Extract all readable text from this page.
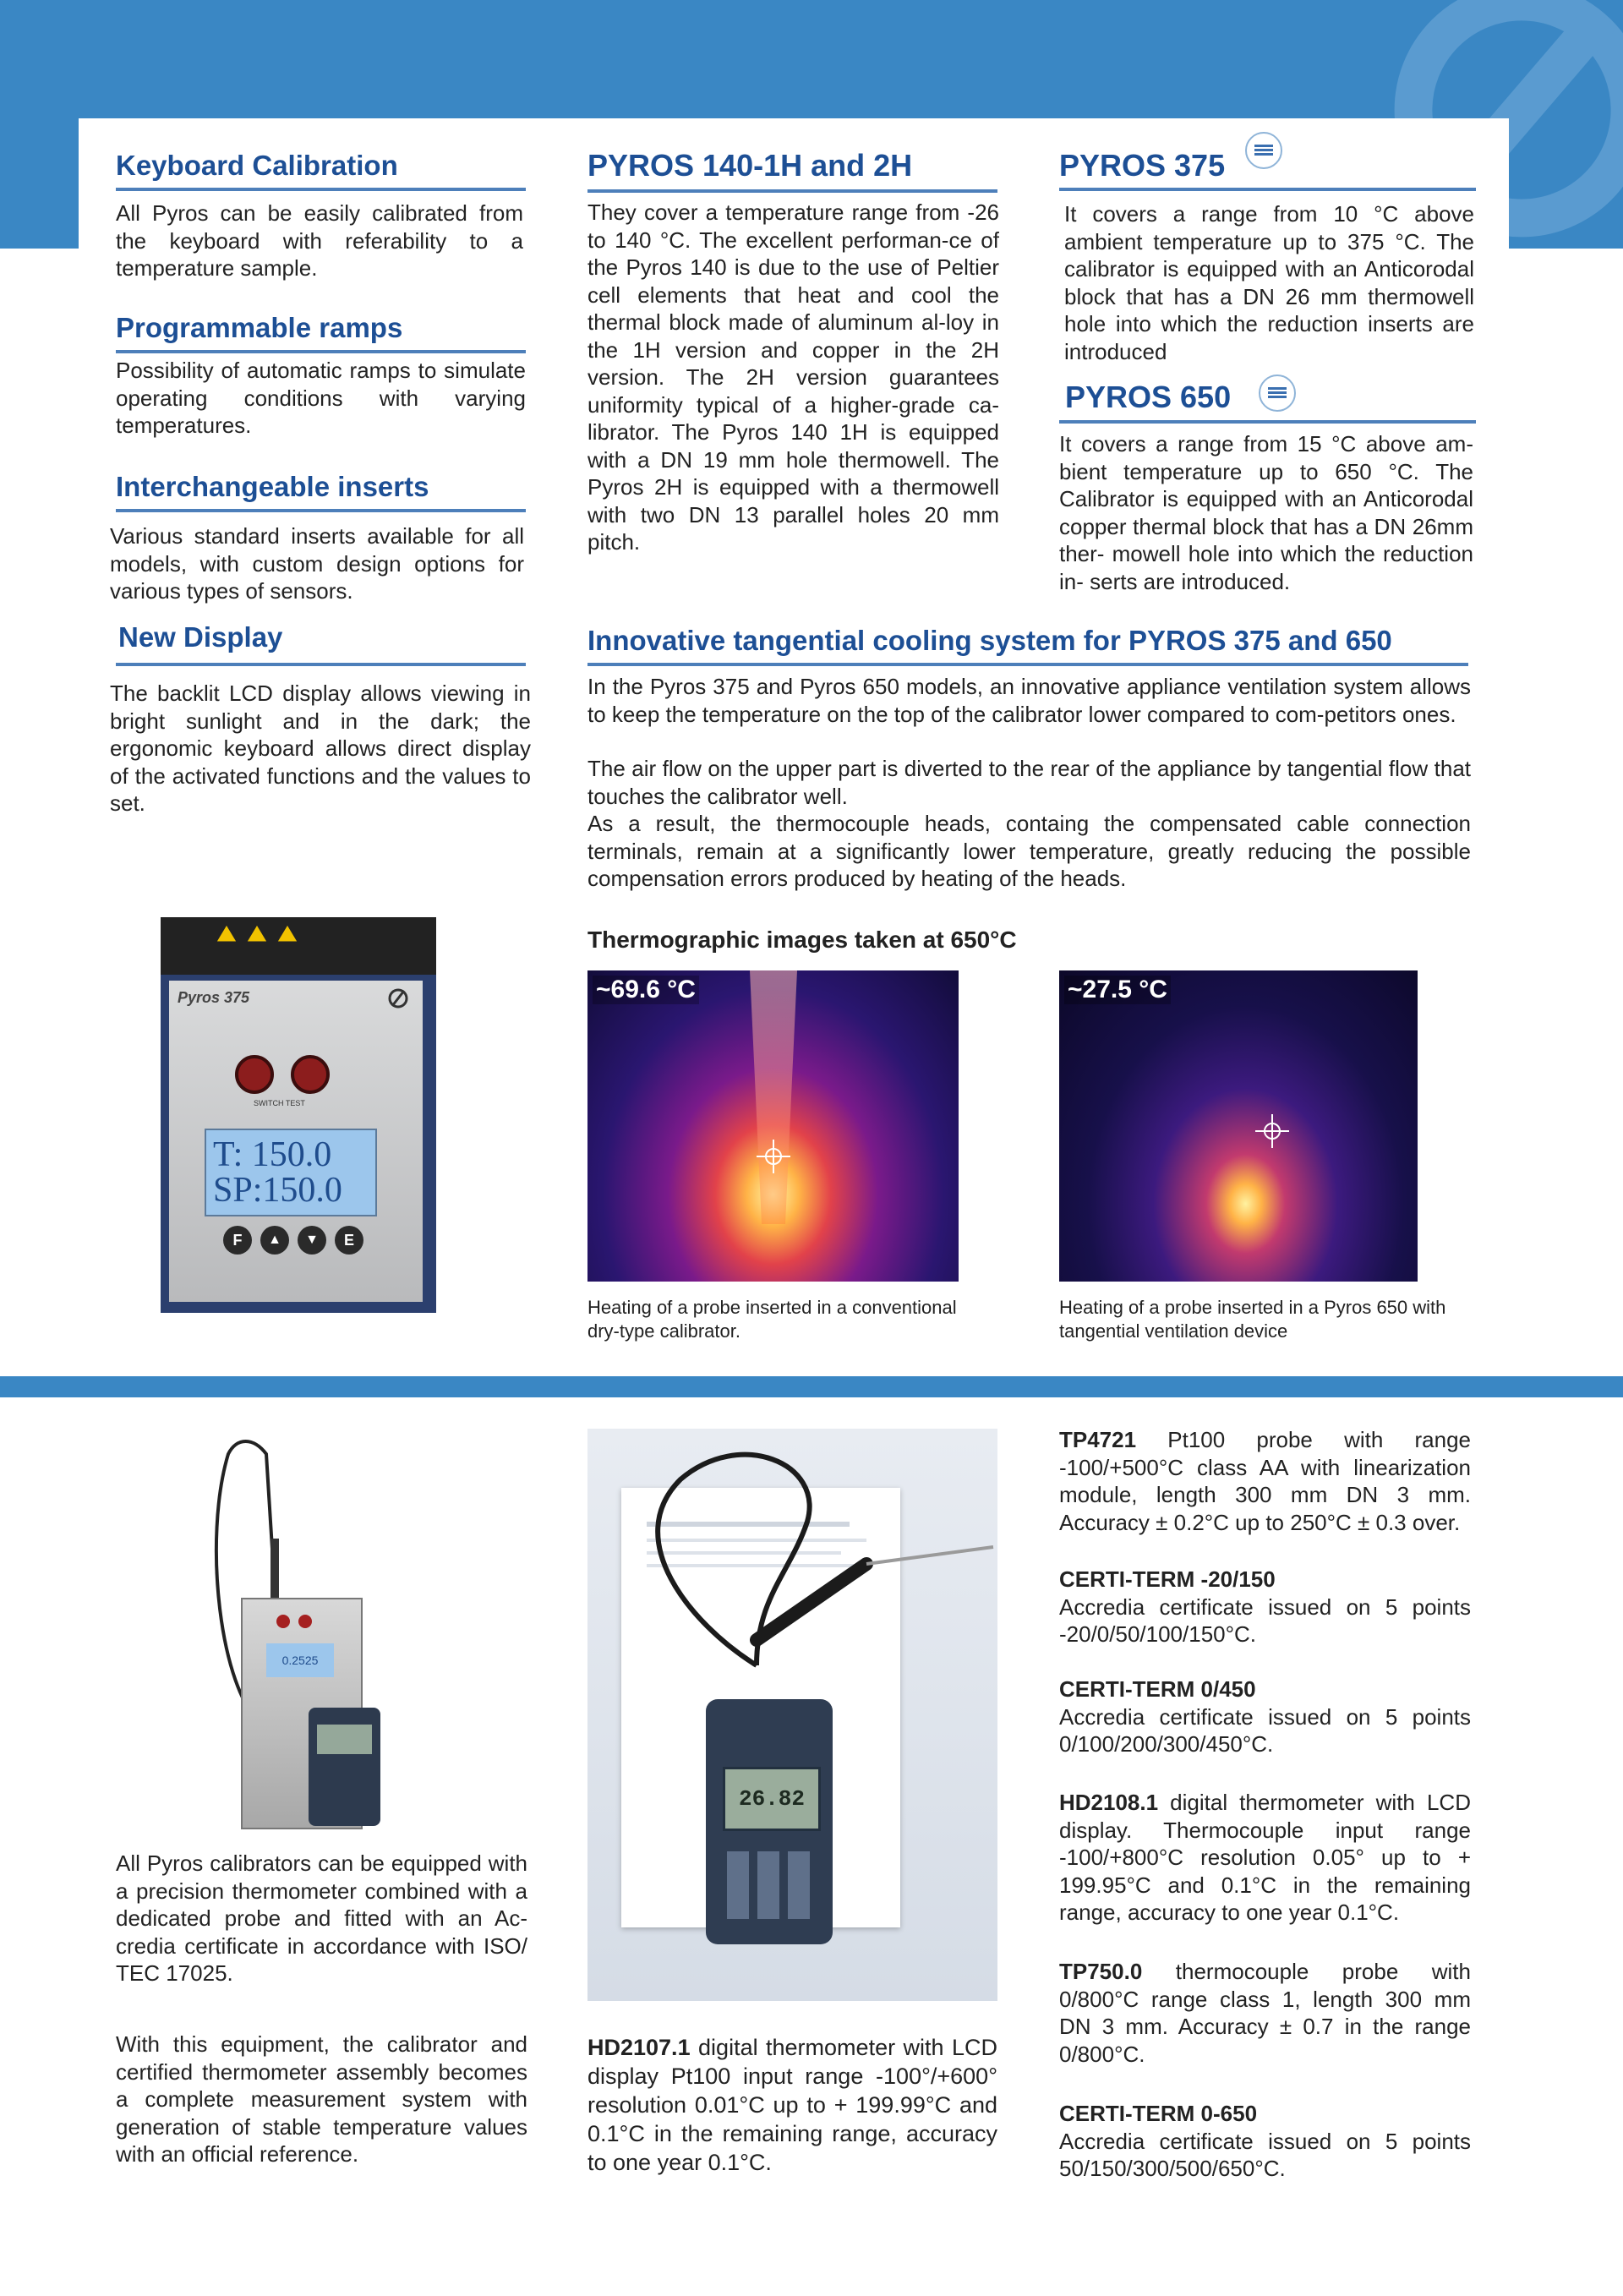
Keyboard Calibration
All Pyros can be easily calibrated from the keyboard with referability to a temperature sample.
Programmable ramps
Possibility of automatic ramps to simulate operating conditions with varying temperatures.
Interchangeable inserts
Various standard inserts available for all models, with custom design options for various types of sensors.
New Display
The backlit LCD display allows viewing in bright sunlight and in the dark; the ergonomic keyboard allows direct display of the activated functions and the values to set.
PYROS 140-1H and 2H
They cover a temperature range from -26 to 140 °C. The excellent performan-ce of the Pyros 140 is due to the use of Peltier cell elements that heat and cool the thermal block made of aluminum al-loy in the 1H version and copper in the 2H version. The 2H version guarantees uniformity typical of a higher-grade ca-librator. The Pyros 140 1H is equipped with a DN 19 mm hole thermowell. The Pyros 2H is equipped with a thermowell with two DN 13 parallel holes 20 mm pitch.
PYROS 375
It covers a range from 10 °C above ambient temperature up to 375 °C. The calibrator is equipped with an Anticorodal block that has a DN 26 mm thermowell hole into which the reduction inserts are introduced
PYROS 650
It covers a range from 15 °C above am-bient temperature up to 650 °C. The Calibrator is equipped with an Anticorodal copper thermal block that has a DN 26mm ther- mowell hole into which the reduction in- serts are introduced.
Innovative tangential cooling system for PYROS 375 and 650
In the Pyros 375 and Pyros 650 models, an innovative appliance ventilation system allows to keep the temperature on the top of the calibrator lower compared to com-petitors ones.
The air flow on the upper part is diverted to the rear of the appliance by tangential flow that touches the calibrator well.
As a result, the thermocouple heads, containg the compensated cable connection terminals, remain at a significantly lower temperature, greatly reducing the possible compensation errors produced by heating of the heads.
Pyros 375
SWITCH TEST
T: 150.0
SP:150.0
F	▲	▼	E
Thermographic images taken at 650°C
~69.6 °C
Heating of a probe inserted in a conventional dry-type calibrator.
~27.5 °C
Heating of a probe inserted in a Pyros 650 with tangential ventilation device
0.2525
All Pyros calibrators can be equipped with a precision thermometer combined with a dedicated probe and fitted with an Ac-credia certificate in accordance with ISO/ TEC 17025.
With this equipment, the calibrator and certified thermometer assembly becomes a complete measurement system with generation of stable temperature values with an official reference.
26.82
HD2107.1 digital thermometer with LCD display Pt100 input range -100°/+600° resolution 0.01°C up to + 199.99°C and 0.1°C in the remaining range, accuracy to one year 0.1°C.
TP4721 Pt100 probe with range -100/+500°C class AA with linearization module, length 300 mm DN 3 mm. Accuracy ± 0.2°C up to 250°C ± 0.3 over.
CERTI-TERM -20/150
Accredia certificate issued on 5 points -20/0/50/100/150°C.
CERTI-TERM 0/450
Accredia certificate issued on 5 points 0/100/200/300/450°C.
HD2108.1 digital thermometer with LCD display. Thermocouple input range -100/+800°C resolution 0.05° up to + 199.95°C and 0.1°C in the remaining range, accuracy to one year 0.1°C.
TP750.0 thermocouple probe with 0/800°C range class 1, length 300 mm DN 3 mm. Accuracy ± 0.7 in the range 0/800°C.
CERTI-TERM 0-650
Accredia certificate issued on 5 points 50/150/300/500/650°C.
